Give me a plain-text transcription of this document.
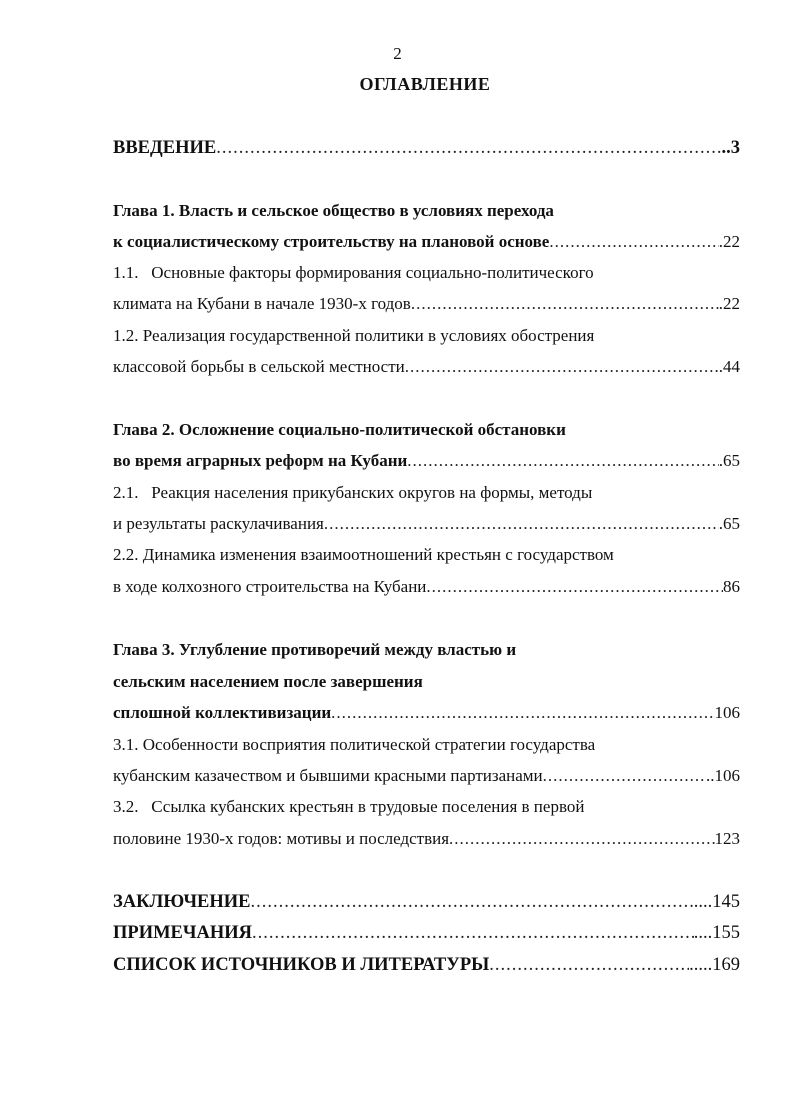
2
ОГЛАВЛЕНИЕ
ВВЕДЕНИЕ .....	..3
Глава 1. Власть и сельское общество в условиях перехода
к социалистическому строительству на плановой основе .....	.22
1.1.   Основные факторы формирования социально-политического
климата на Кубани в начале 1930-х годов .....	.22
1.2. Реализация государственной политики в условиях обострения
классовой борьбы в сельской местности .....	..44
Глава 2. Осложнение социально-политической обстановки
во время аграрных реформ на Кубани .....	.65
2.1.   Реакция населения прикубанских округов на формы, методы
и результаты раскулачивания .....	.65
2.2. Динамика изменения взаимоотношений крестьян с государством
в ходе колхозного строительства на Кубани .....	86
Глава 3. Углубление противоречий между властью и
сельским населением после завершения
сплошной коллективизации .....	106
3.1. Особенности восприятия политической стратегии государства
кубанским казачеством и бывшими красными партизанами .....	..106
3.2.   Ссылка кубанских крестьян в трудовые поселения в первой
половине 1930-х годов: мотивы и последствия .....	123
ЗАКЛЮЧЕНИЕ .....	....145
ПРИМЕЧАНИЯ .....	....155
СПИСОК ИСТОЧНИКОВ И ЛИТЕРАТУРЫ .....	.....169
